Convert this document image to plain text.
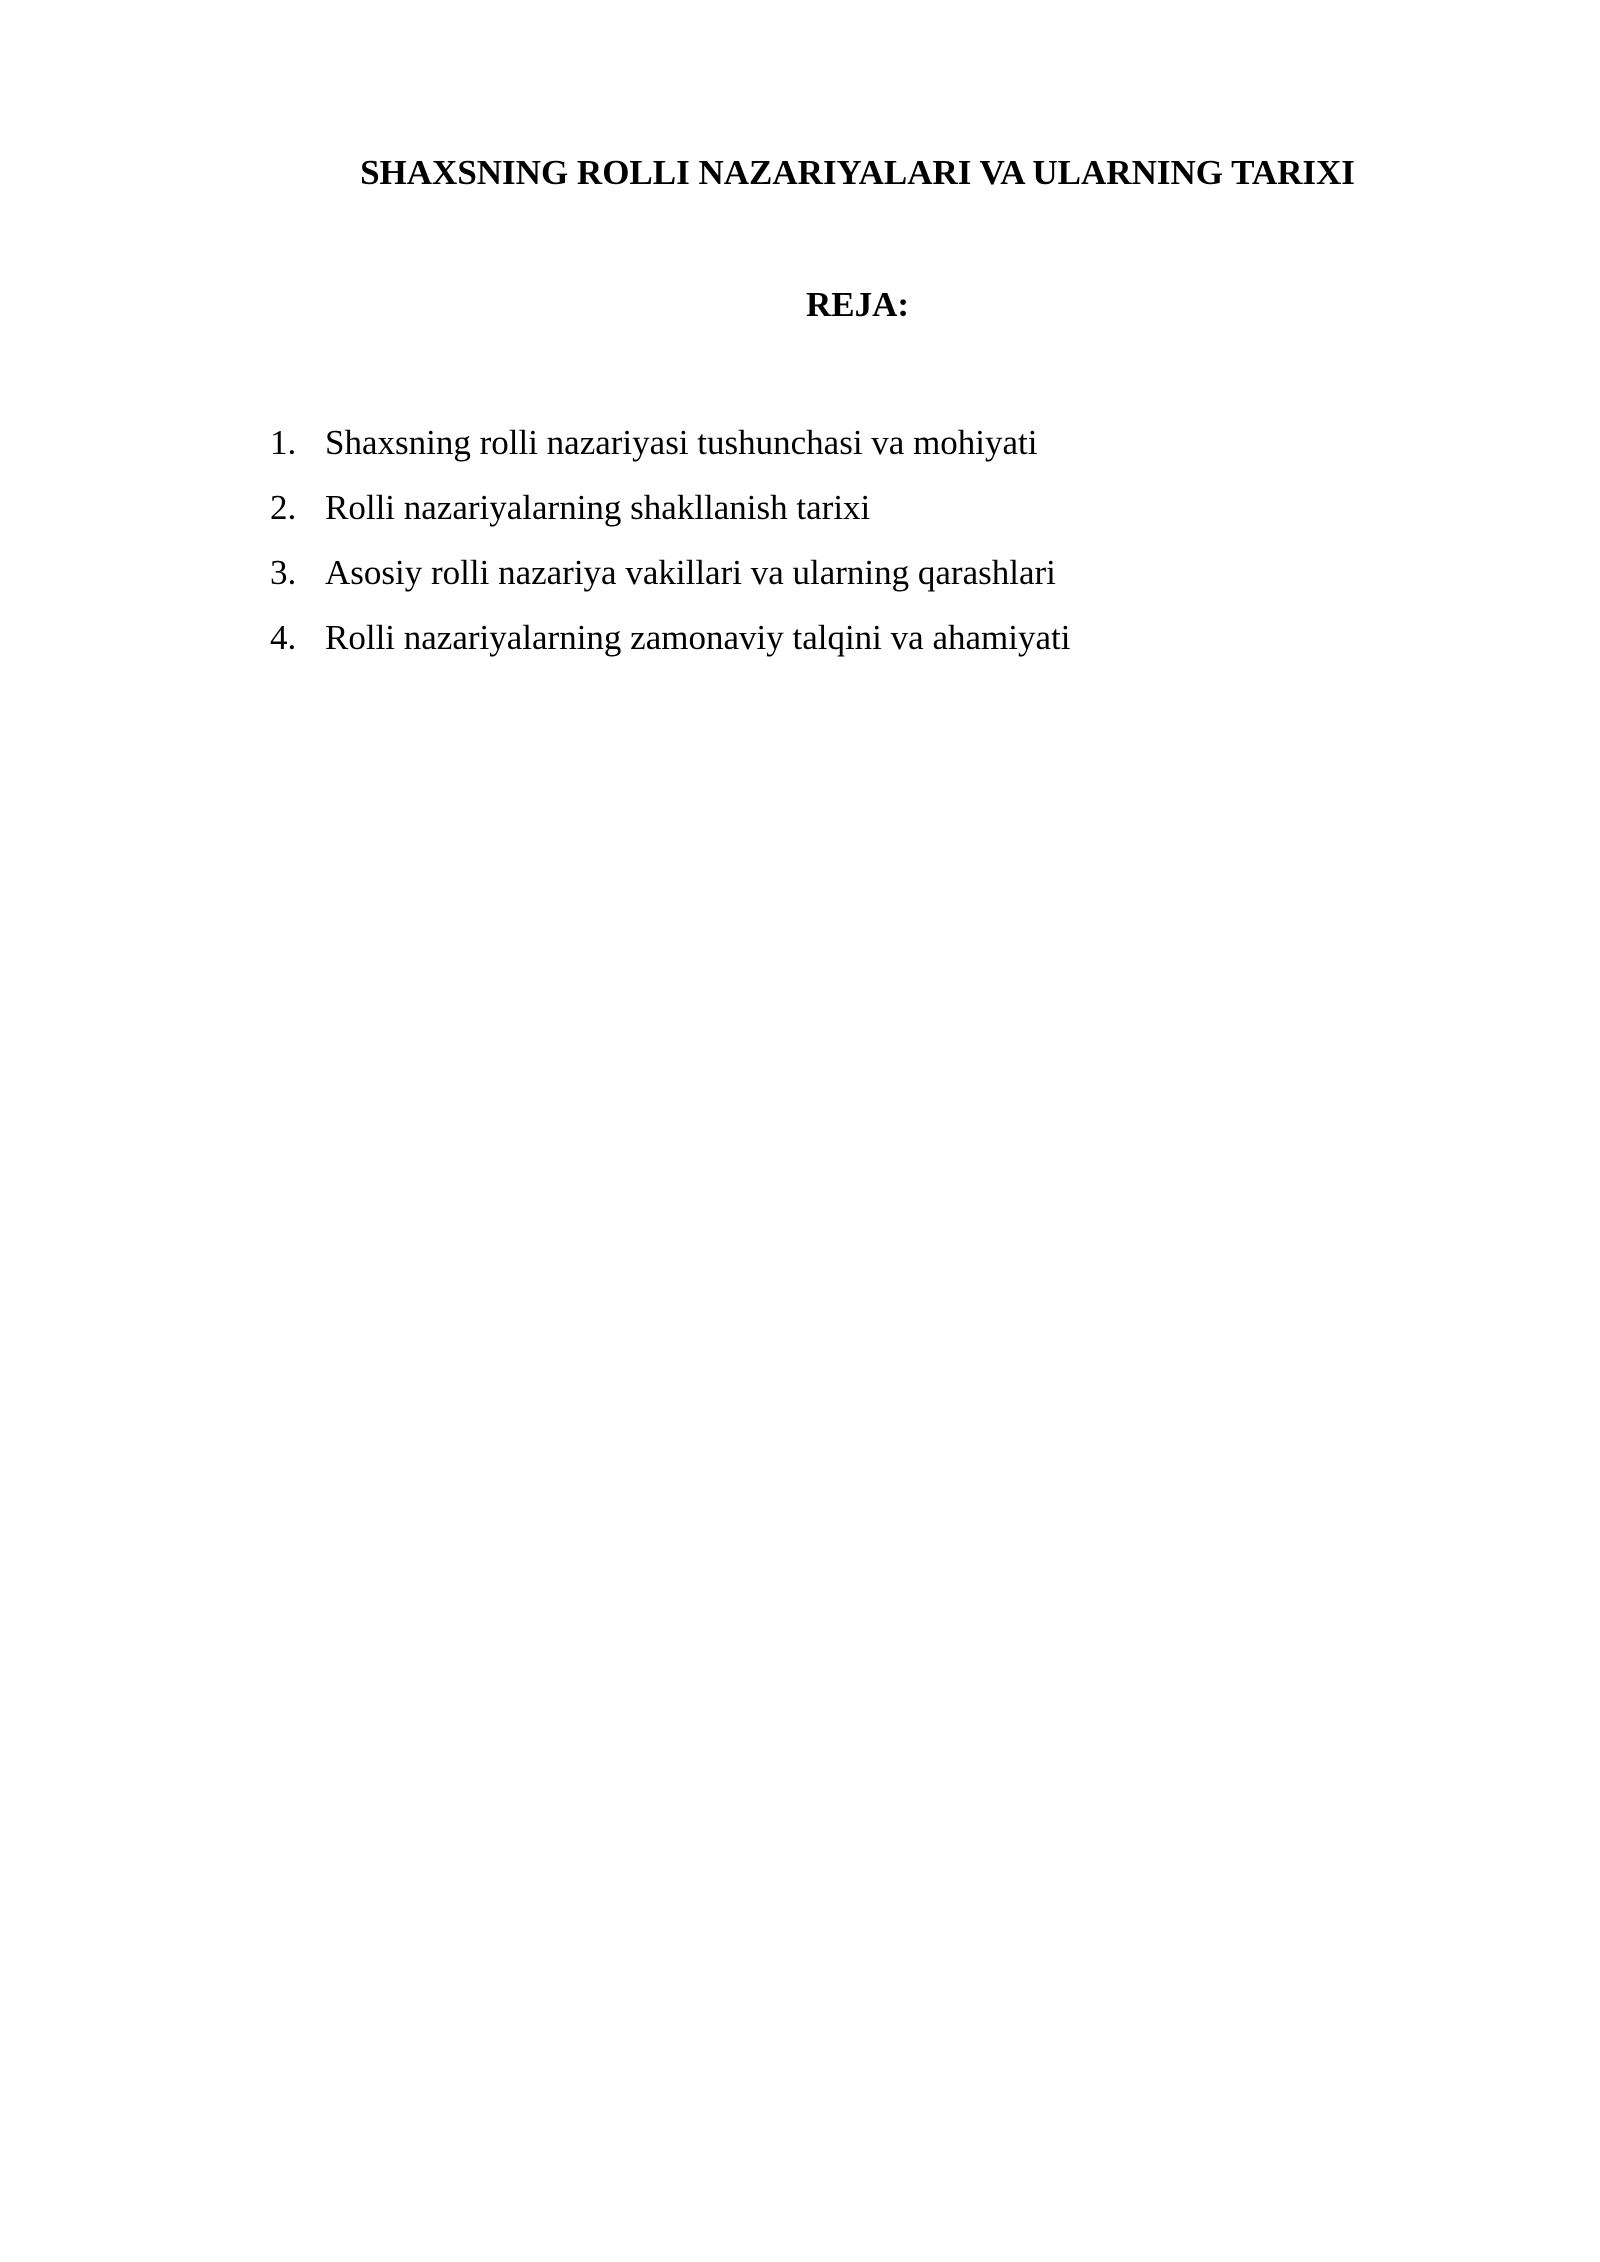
SHAXSNING ROLLI NAZARIYALARI VA ULARNING TARIXI
REJA:
1. Shaxsning rolli nazariyasi tushunchasi va mohiyati
2. Rolli nazariyalarning shakllanish tarixi
3. Asosiy rolli nazariya vakillari va ularning qarashlari
4. Rolli nazariyalarning zamonaviy talqini va ahamiyati
